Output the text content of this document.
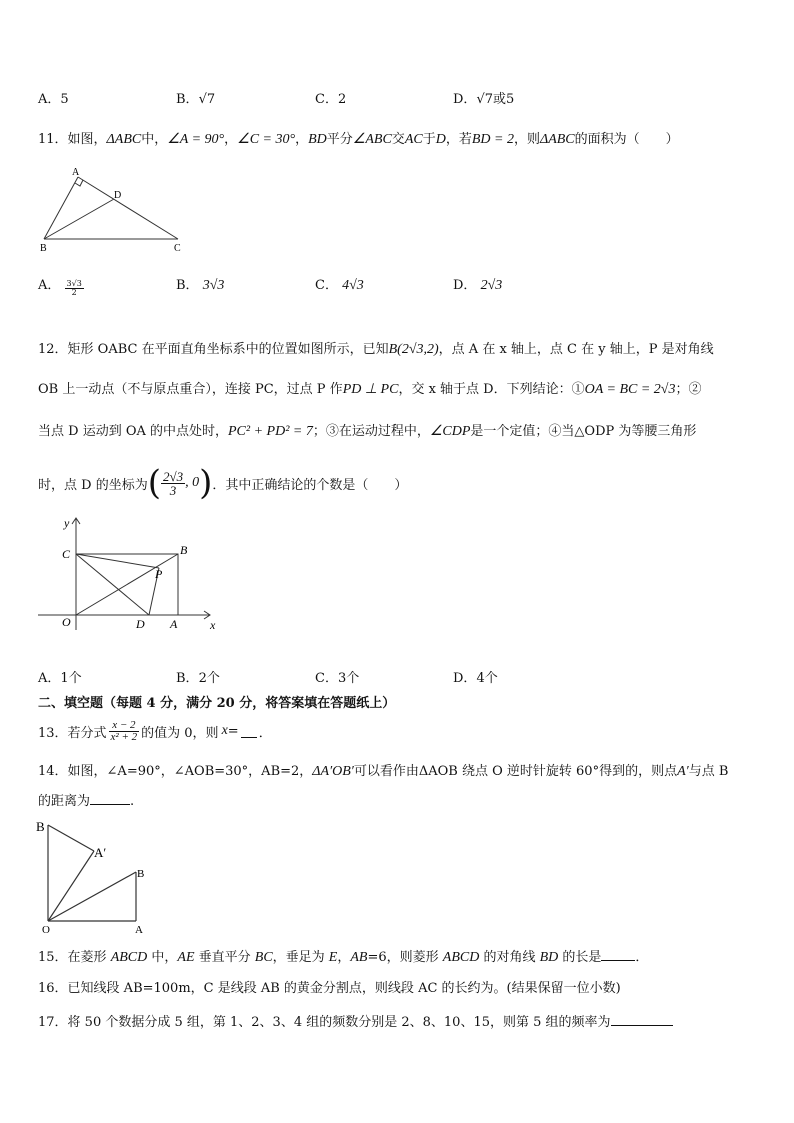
A．5	B．√7	C．2	D．√7或5
11．如图，ΔABC中，∠A = 90°，∠C = 30°，BD平分∠ABC交AC于D，若BD = 2，则ΔABC的面积为（　　）
A
D
B	C
A． $\frac{3√3}{2}$	B． 3√3	C． 4√3	D． 2√3
12．矩形 OABC 在平面直角坐标系中的位置如图所示，已知B(2√3,2)，点 A 在 x 轴上，点 C 在 y 轴上，P 是对角线
OB 上一动点（不与原点重合），连接 PC，过点 P 作PD ⊥ PC，交 x 轴于点 D．下列结论：①OA = BC = 2√3；②
当点 D 运动到 OA 的中点处时，PC² + PD² = 7；③在运动过程中，∠CDP是一个定值；④当△ODP 为等腰三角形
时，点 D 的坐标为 ( $\frac{2√3}{3}$ , 0 ) ．其中正确结论的个数是（　　）
y
x
C	B
P
O	D A
A．1个	B．2个	C．3个	D．4个
二、填空题（每题 4 分，满分 20 分，将答案填在答题纸上）
13．若分式 $\frac{x - 2}{\text{x² + 2}}$ 的值为 0，则 x = ．
14．如图，∠A=90°，∠AOB=30°，AB=2，ΔA′OB′可以看作由ΔAOB 绕点 O 逆时针旋转 60°得到的，则点A′与点 B
的距离为	.
B
A′
B
O	A
15．在菱形 ABCD 中，AE 垂直平分 BC，垂足为 E，AB=6，则菱形 ABCD 的对角线 BD 的长是	．
16．已知线段 AB=100m，C 是线段 AB 的黄金分割点，则线段 AC 的长约为。(结果保留一位小数)
17．将 50 个数据分成 5 组，第 1、2、3、4 组的频数分别是 2、8、10、15，则第 5 组的频率为
